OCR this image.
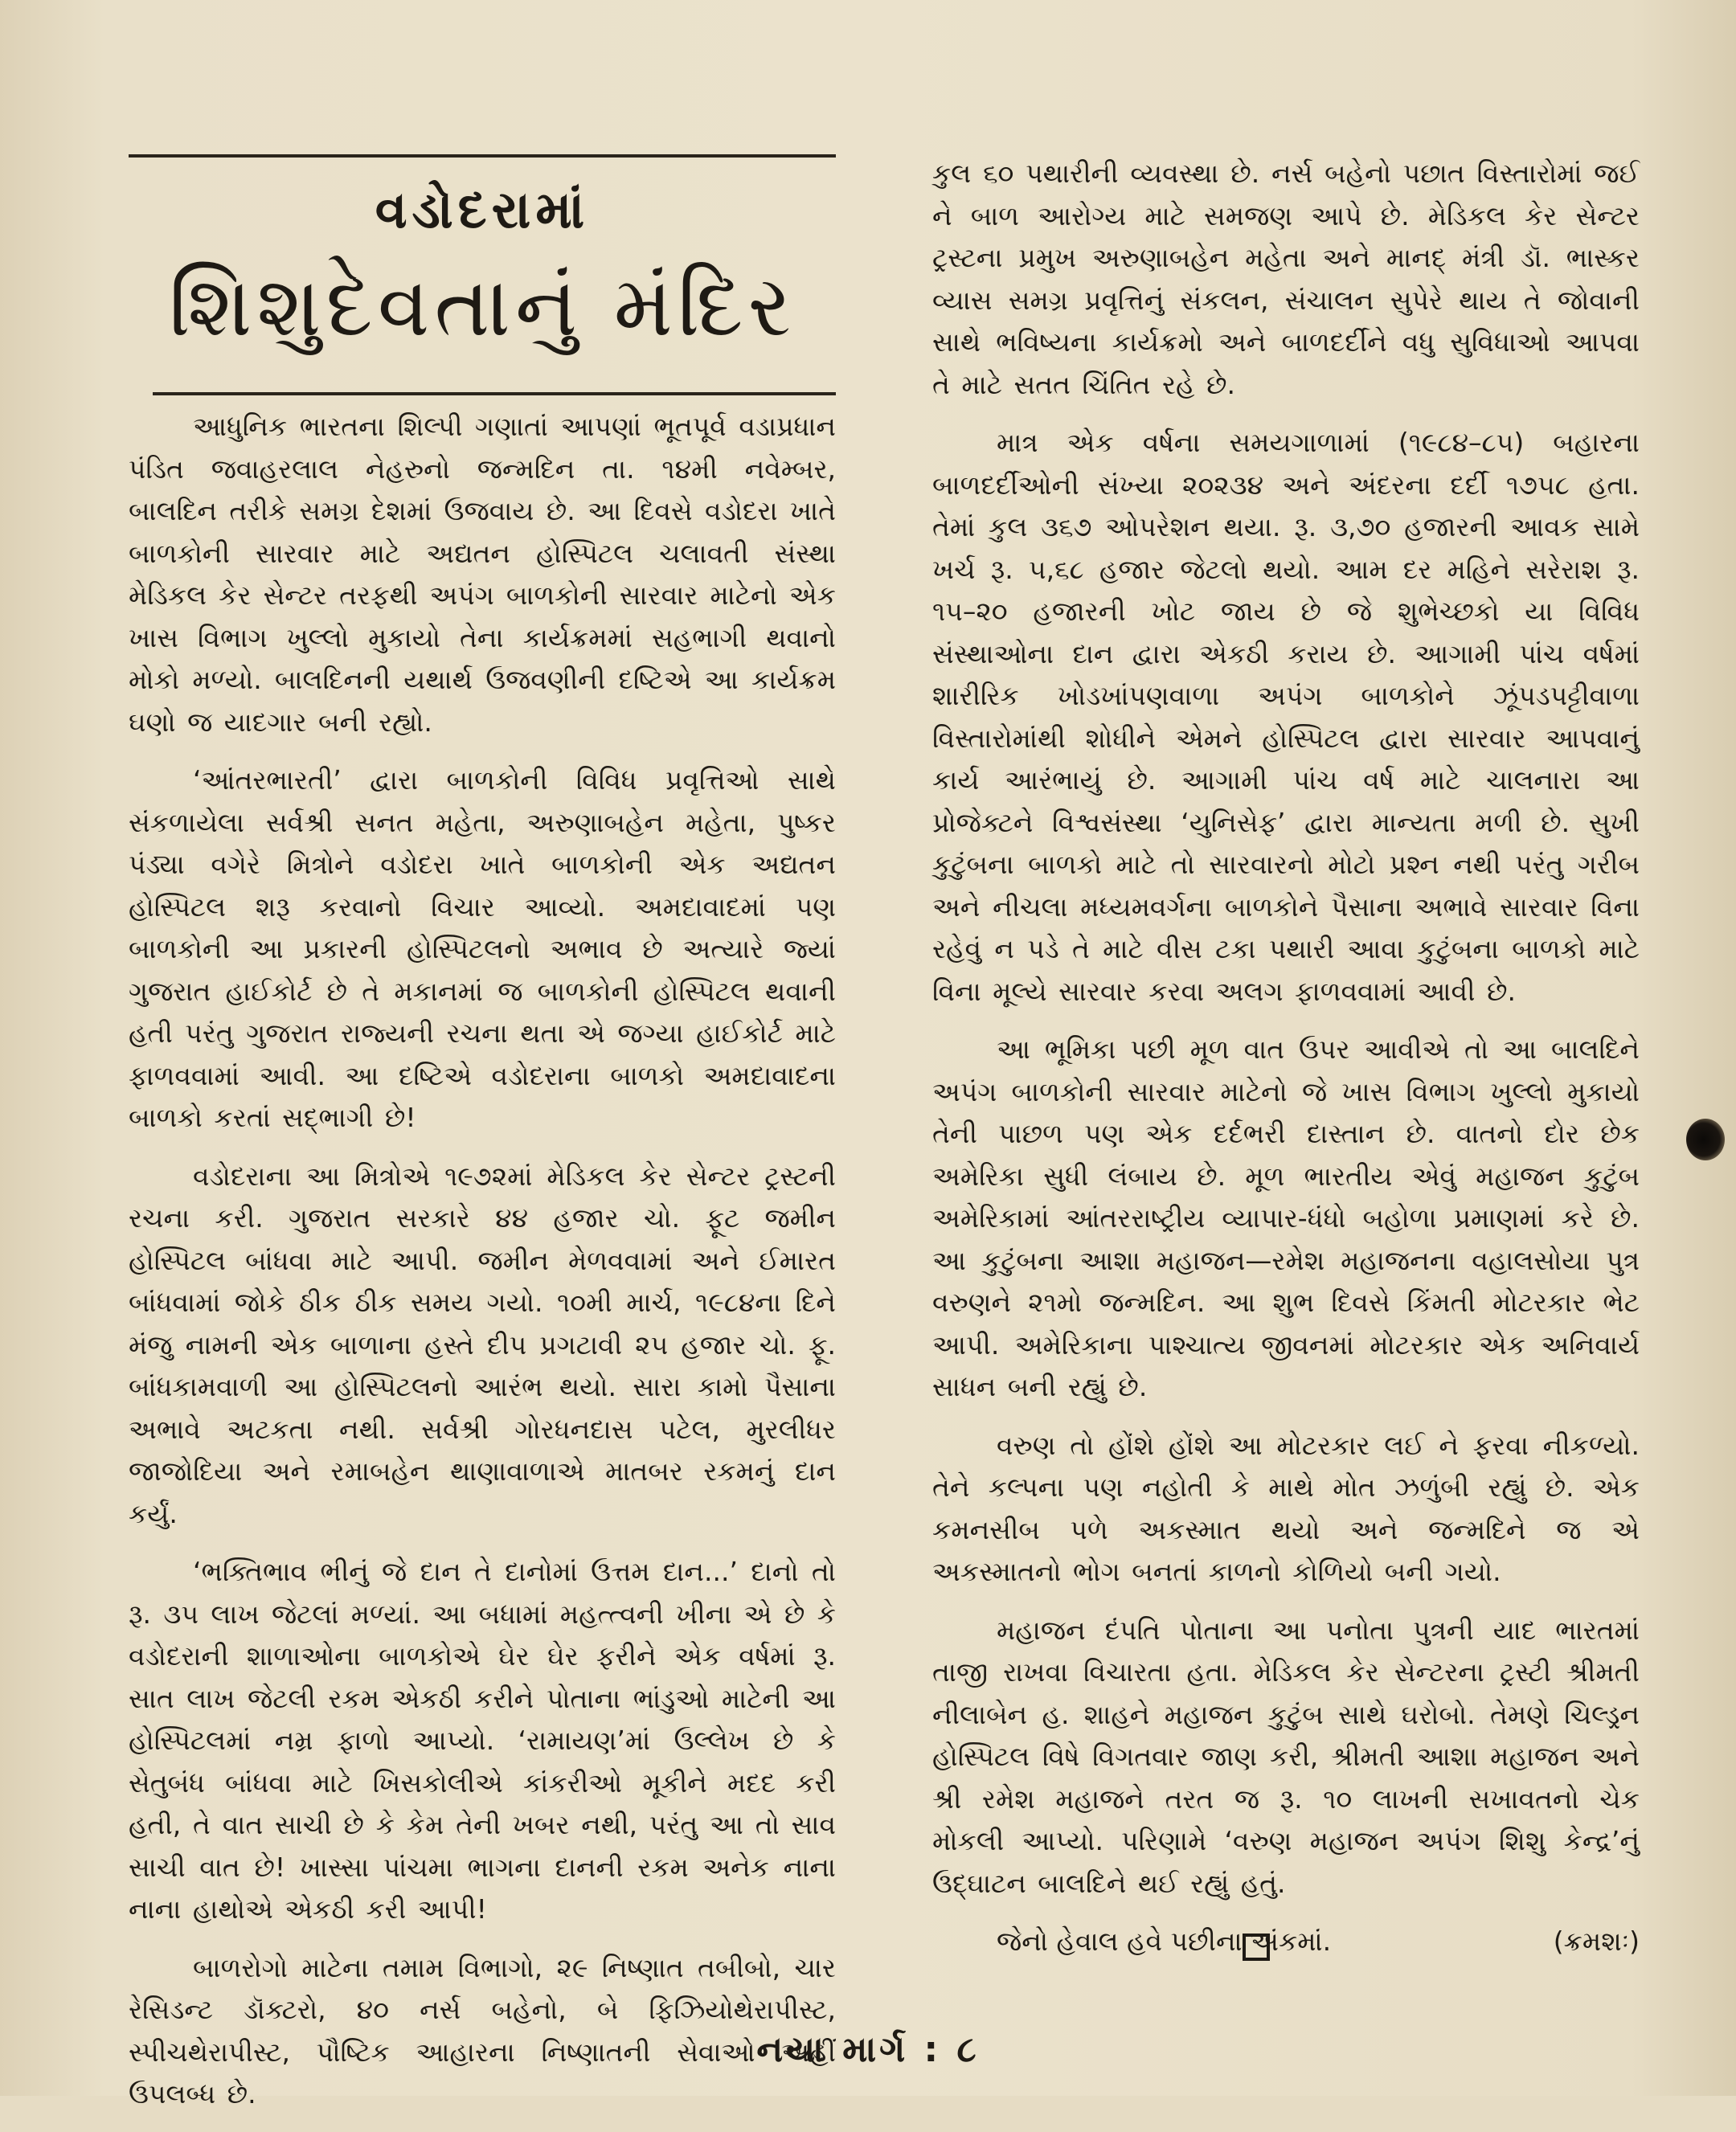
વડોદરામાં
શિશુદેવતાનું મંદિર

આધુનિક ભારતના શિલ્પી ગણાતાં આપણાં ભૂતપૂર્વ વડાપ્રધાન પંડિત જવાહરલાલ નેહરુનો જન્મદિન તા. ૧૪મી નવેમ્બર, બાલદિન તરીકે સમગ્ર દેશમાં ઉજવાય છે. આ દિવસે વડોદરા ખાતે બાળકોની સારવાર માટે અદ્યતન હોસ્પિટલ ચલાવતી સંસ્થા મેડિકલ કેર સેન્ટર તરફથી અપંગ બાળકોની સારવાર માટેનો એક ખાસ વિભાગ ખુલ્લો મુકાયો તેના કાર્યક્રમમાં સહભાગી થવાનો મોકો મળ્યો. બાલદિનની યથાર્થ ઉજવણીની દષ્ટિએ આ કાર્યક્રમ ઘણો જ યાદગાર બની રહ્યો.

‘આંતરભારતી’ દ્વારા બાળકોની વિવિધ પ્રવૃત્તિઓ સાથે સંકળાયેલા સર્વશ્રી સનત મહેતા, અરુણાબહેન મહેતા, પુષ્કર પંડ્યા વગેરે મિત્રોને વડોદરા ખાતે બાળકોની એક અદ્યતન હોસ્પિટલ શરૂ કરવાનો વિચાર આવ્યો. અમદાવાદમાં પણ બાળકોની આ પ્રકારની હોસ્પિટલનો અભાવ છે અત્યારે જ્યાં ગુજરાત હાઈકોર્ટ છે તે મકાનમાં જ બાળકોની હોસ્પિટલ થવાની હતી પરંતુ ગુજરાત રાજ્યની રચના થતા એ જગ્યા હાઈકોર્ટ માટે ફાળવવામાં આવી. આ દષ્ટિએ વડોદરાના બાળકો અમદાવાદના બાળકો કરતાં સદ્ભાગી છે!

વડોદરાના આ મિત્રોએ ૧૯૭૨માં મેડિકલ કેર સેન્ટર ટ્રસ્ટની રચના કરી. ગુજરાત સરકારે ૪૪ હજાર ચો. ફૂટ જમીન હોસ્પિટલ બાંધવા માટે આપી. જમીન મેળવવામાં અને ઈમારત બાંધવામાં જોકે ઠીક ઠીક સમય ગયો. ૧૦મી માર્ચ, ૧૯૮૪ના દિને મંજુ નામની એક બાળાના હસ્તે દીપ પ્રગટાવી ૨૫ હજાર ચો. ફૂ. બાંધકામવાળી આ હોસ્પિટલનો આરંભ થયો. સારા કામો પૈસાના અભાવે અટકતા નથી. સર્વશ્રી ગોરધનદાસ પટેલ, મુરલીધર જાજોદિયા અને રમાબહેન થાણાવાળાએ માતબર રકમનું દાન કર્યું.

‘ભક્તિભાવ ભીનું જે દાન તે દાનોમાં ઉત્તમ દાન...’ દાનો તો રૂ. ૩૫ લાખ જેટલાં મળ્યાં. આ બધામાં મહત્ત્વની ખીના એ છે કે વડોદરાની શાળાઓના બાળકોએ ઘેર ઘેર ફરીને એક વર્ષમાં રૂ. સાત લાખ જેટલી રકમ એકઠી કરીને પોતાના ભાંડુઓ માટેની આ હોસ્પિટલમાં નમ્ર ફાળો આપ્યો. ‘રામાયણ’માં ઉલ્લેખ છે કે સેતુબંધ બાંધવા માટે ખિસકોલીએ કાંકરીઓ મૂકીને મદદ કરી હતી, તે વાત સાચી છે કે કેમ તેની ખબર નથી, પરંતુ આ તો સાવ સાચી વાત છે! ખાસ્સા પાંચમા ભાગના દાનની રકમ અનેક નાના નાના હાથોએ એકઠી કરી આપી!

બાળરોગો માટેના તમામ વિભાગો, ૨૯ નિષ્ણાત તબીબો, ચાર રેસિડન્ટ ડૉક્ટરો, ૪૦ નર્સ બહેનો, બે ફિઝિયોથેરાપીસ્ટ, સ્પીચથેરાપીસ્ટ, પૌષ્ટિક આહારના નિષ્ણાતની સેવાઓ અહીં ઉપલબ્ધ છે.

કુલ ૬૦ પથારીની વ્યવસ્થા છે. નર્સ બહેનો પછાત વિસ્તારોમાં જઈ ને બાળ આરોગ્ય માટે સમજણ આપે છે. મેડિકલ કેર સેન્ટર ટ્રસ્ટના પ્રમુખ અરુણાબહેન મહેતા અને માનદ્ મંત્રી ડૉ. ભાસ્કર વ્યાસ સમગ્ર પ્રવૃત્તિનું સંકલન, સંચાલન સુપેરે થાય તે જોવાની સાથે ભવિષ્યના કાર્યક્રમો અને બાળદર્દીને વધુ સુવિધાઓ આપવા તે માટે સતત ચિંતિત રહે છે.

માત્ર એક વર્ષના સમયગાળામાં (૧૯૮૪–૮૫) બહારના બાળદર્દીઓની સંખ્યા ૨૦૨૩૪ અને અંદરના દર્દી ૧૭૫૮ હતા. તેમાં કુલ ૩૬૭ ઓપરેશન થયા. રૂ. ૩,૭૦ હજારની આવક સામે ખર્ચ રૂ. ૫,૬૮ હજાર જેટલો થયો. આમ દર મહિને સરેરાશ રૂ. ૧૫–૨૦ હજારની ખોટ જાય છે જે શુભેચ્છકો યા વિવિધ સંસ્થાઓના દાન દ્વારા એકઠી કરાય છે. આગામી પાંચ વર્ષમાં શારીરિક ખોડખાંપણવાળા અપંગ બાળકોને ઝૂંપડપટ્ટીવાળા વિસ્તારોમાંથી શોધીને એમને હોસ્પિટલ દ્વારા સારવાર આપવાનું કાર્ય આરંભાયું છે. આગામી પાંચ વર્ષ માટે ચાલનારા આ પ્રોજેક્ટને વિશ્વસંસ્થા ‘યુનિસેફ’ દ્વારા માન્યતા મળી છે. સુખી કુટુંબના બાળકો માટે તો સારવારનો મોટો પ્રશ્ન નથી પરંતુ ગરીબ અને નીચલા મધ્યમવર્ગના બાળકોને પૈસાના અભાવે સારવાર વિના રહેવું ન પડે તે માટે વીસ ટકા પથારી આવા કુટુંબના બાળકો માટે વિના મૂલ્યે સારવાર કરવા અલગ ફાળવવામાં આવી છે.

આ ભૂમિકા પછી મૂળ વાત ઉપર આવીએ તો આ બાલદિને અપંગ બાળકોની સારવાર માટેનો જે ખાસ વિભાગ ખુલ્લો મુકાયો તેની પાછળ પણ એક દર્દભરી દાસ્તાન છે. વાતનો દોર છેક અમેરિકા સુધી લંબાય છે. મૂળ ભારતીય એવું મહાજન કુટુંબ અમેરિકામાં આંતરરાષ્ટ્રીય વ્યાપાર-ધંધો બહોળા પ્રમાણમાં કરે છે. આ કુટુંબના આશા મહાજન—રમેશ મહાજનના વહાલસોયા પુત્ર વરુણને ૨૧મો જન્મદિન. આ શુભ દિવસે કિંમતી મોટરકાર ભેટ આપી. અમેરિકાના પાશ્ચાત્ય જીવનમાં મોટરકાર એક અનિવાર્ય સાધન બની રહ્યું છે.

વરુણ તો હોંશે હોંશે આ મોટરકાર લઈ ને ફરવા નીકળ્યો. તેને કલ્પના પણ નહોતી કે માથે મોત ઝળુંબી રહ્યું છે. એક કમનસીબ પળે અકસ્માત થયો અને જન્મદિને જ એ અકસ્માતનો ભોગ બનતાં કાળનો કોળિયો બની ગયો.

મહાજન દંપતિ પોતાના આ પનોતા પુત્રની યાદ ભારતમાં તાજી રાખવા વિચારતા હતા. મેડિકલ કેર સેન્ટરના ટ્રસ્ટી શ્રીમતી નીલાબેન હ. શાહને મહાજન કુટુંબ સાથે ઘરોબો. તેમણે ચિલ્ડ્રન હોસ્પિટલ વિષે વિગતવાર જાણ કરી, શ્રીમતી આશા મહાજન અને શ્રી રમેશ મહાજને તરત જ રૂ. ૧૦ લાખની સખાવતનો ચેક મોકલી આપ્યો. પરિણામે ‘વરુણ મહાજન અપંગ શિશુ કેન્દ્ર’નું ઉદ્ઘાટન બાલદિને થઈ રહ્યું હતું.

જેનો હેવાલ હવે પછીના અંકમાં.	(ક્રમશઃ)
નયા માર્ગ : ૮
